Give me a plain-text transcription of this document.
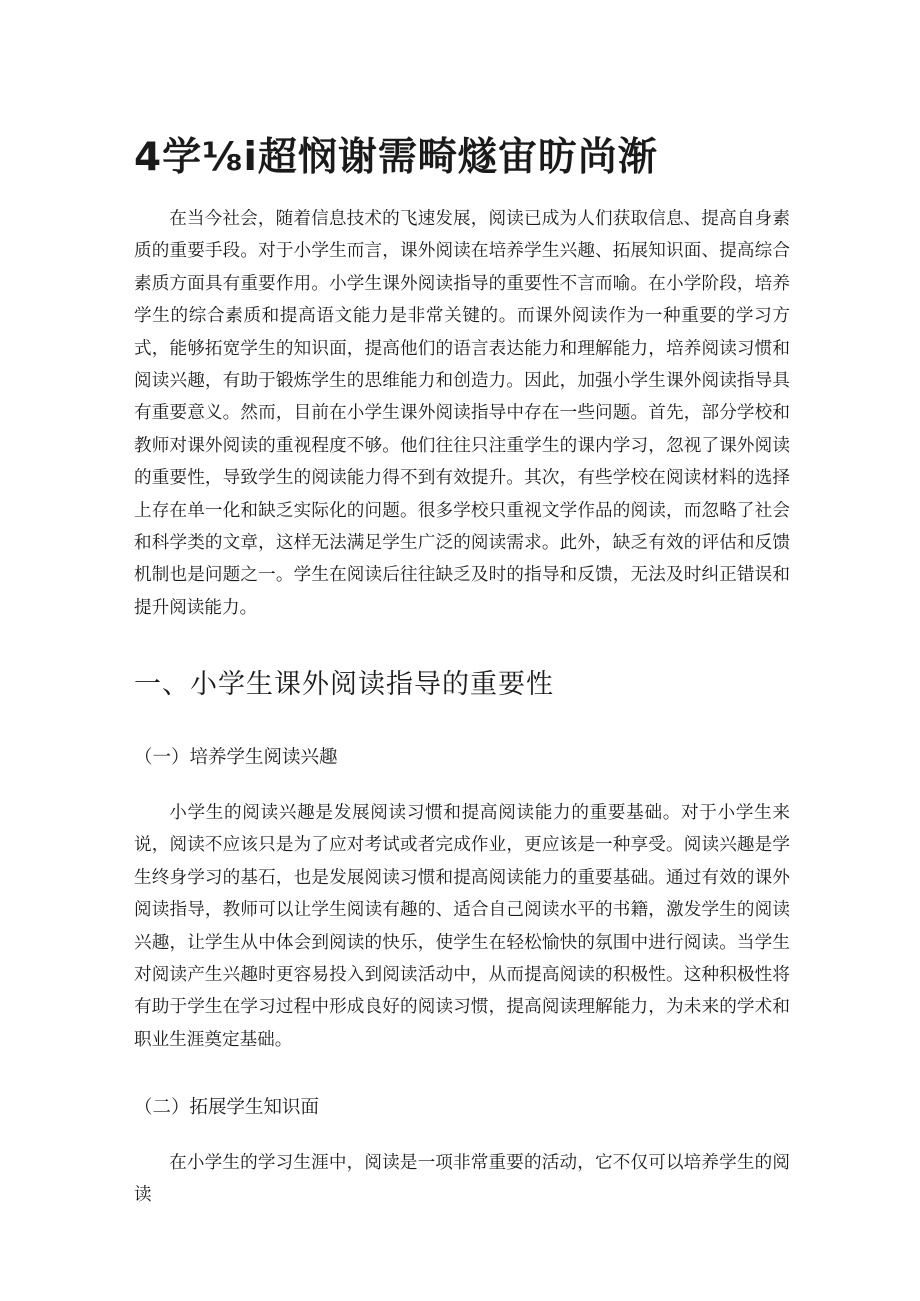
4学⅛i超悯谢需畸燧宙昉尚渐

在当今社会，随着信息技术的飞速发展，阅读已成为人们获取信息、提高自身素质的重要手段。对于小学生而言，课外阅读在培养学生兴趣、拓展知识面、提高综合素质方面具有重要作用。小学生课外阅读指导的重要性不言而喻。在小学阶段，培养学生的综合素质和提高语文能力是非常关键的。而课外阅读作为一种重要的学习方式，能够拓宽学生的知识面，提高他们的语言表达能力和理解能力，培养阅读习惯和阅读兴趣，有助于锻炼学生的思维能力和创造力。因此，加强小学生课外阅读指导具有重要意义。然而，目前在小学生课外阅读指导中存在一些问题。首先，部分学校和教师对课外阅读的重视程度不够。他们往往只注重学生的课内学习，忽视了课外阅读的重要性，导致学生的阅读能力得不到有效提升。其次，有些学校在阅读材料的选择上存在单一化和缺乏实际化的问题。很多学校只重视文学作品的阅读，而忽略了社会和科学类的文章，这样无法满足学生广泛的阅读需求。此外，缺乏有效的评估和反馈机制也是问题之一。学生在阅读后往往缺乏及时的指导和反馈，无法及时纠正错误和提升阅读能力。

一、小学生课外阅读指导的重要性
（一）培养学生阅读兴趣

小学生的阅读兴趣是发展阅读习惯和提高阅读能力的重要基础。对于小学生来说，阅读不应该只是为了应对考试或者完成作业，更应该是一种享受。阅读兴趣是学生终身学习的基石，也是发展阅读习惯和提高阅读能力的重要基础。通过有效的课外阅读指导，教师可以让学生阅读有趣的、适合自己阅读水平的书籍，激发学生的阅读兴趣，让学生从中体会到阅读的快乐，使学生在轻松愉快的氛围中进行阅读。当学生对阅读产生兴趣时更容易投入到阅读活动中，从而提高阅读的积极性。这种积极性将有助于学生在学习过程中形成良好的阅读习惯，提高阅读理解能力，为未来的学术和职业生涯奠定基础。

（二）拓展学生知识面

在小学生的学习生涯中，阅读是一项非常重要的活动，它不仅可以培养学生的阅读
